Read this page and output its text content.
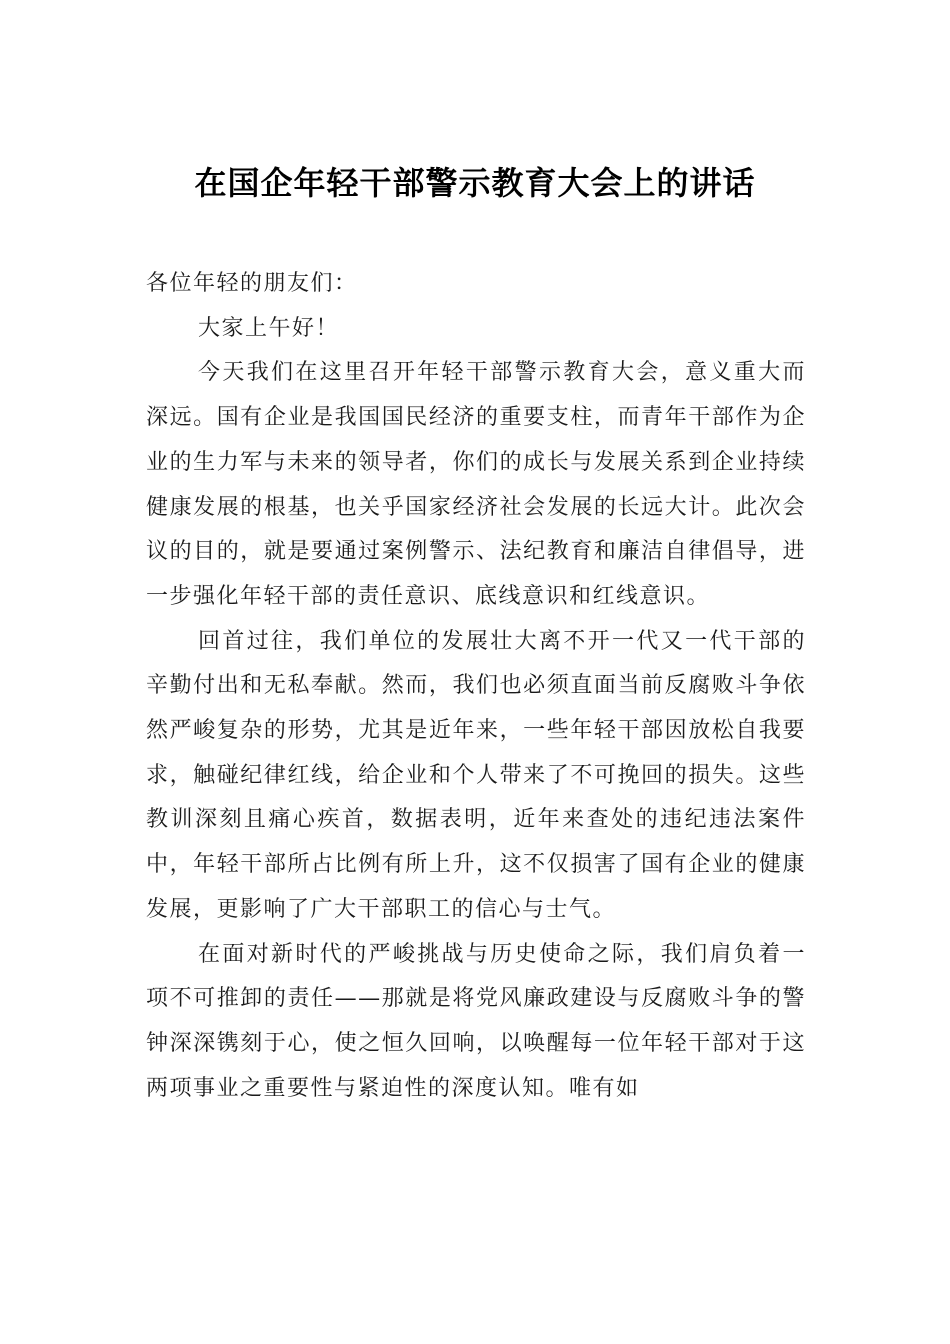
在国企年轻干部警示教育大会上的讲话

各位年轻的朋友们：

大家上午好！

今天我们在这里召开年轻干部警示教育大会，意义重大而深远。国有企业是我国国民经济的重要支柱，而青年干部作为企业的生力军与未来的领导者，你们的成长与发展关系到企业持续健康发展的根基，也关乎国家经济社会发展的长远大计。此次会议的目的，就是要通过案例警示、法纪教育和廉洁自律倡导，进一步强化年轻干部的责任意识、底线意识和红线意识。

回首过往，我们单位的发展壮大离不开一代又一代干部的辛勤付出和无私奉献。然而，我们也必须直面当前反腐败斗争依然严峻复杂的形势，尤其是近年来，一些年轻干部因放松自我要求，触碰纪律红线，给企业和个人带来了不可挽回的损失。这些教训深刻且痛心疾首，数据表明，近年来查处的违纪违法案件中，年轻干部所占比例有所上升，这不仅损害了国有企业的健康发展，更影响了广大干部职工的信心与士气。

在面对新时代的严峻挑战与历史使命之际，我们肩负着一项不可推卸的责任——那就是将党风廉政建设与反腐败斗争的警钟深深镌刻于心，使之恒久回响，以唤醒每一位年轻干部对于这两项事业之重要性与紧迫性的深度认知。唯有如
